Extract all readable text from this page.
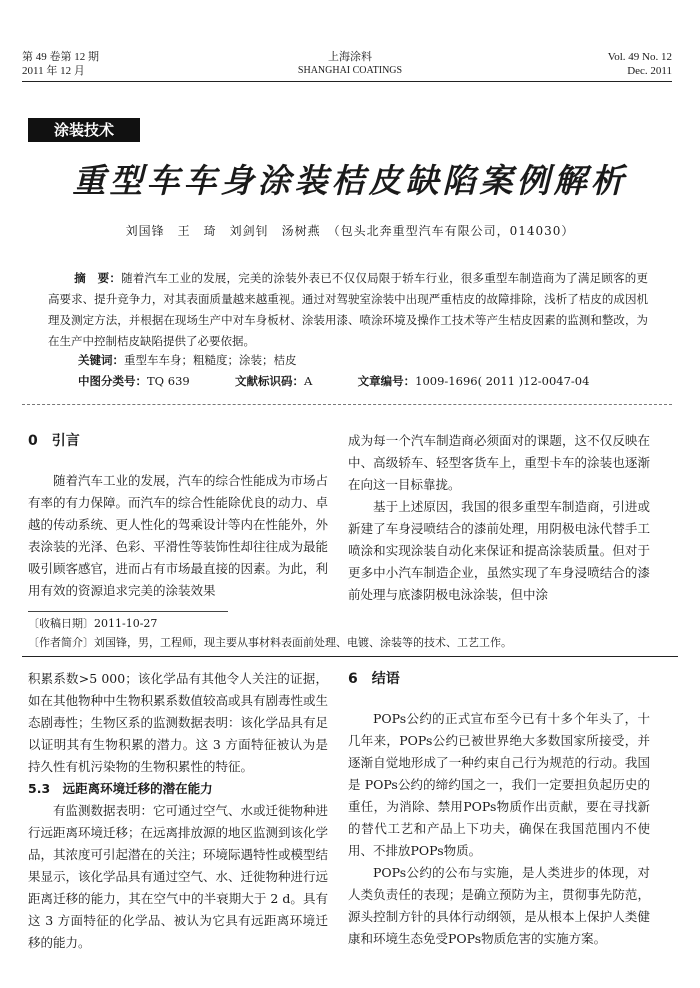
第 49 卷第 12 期
2011 年 12 月
上海涂料
SHANGHAI COATINGS
Vol. 49 No. 12
Dec. 2011
涂装技术
重型车车身涂装桔皮缺陷案例解析
刘国锋　王　琦　刘剑钊　汤树燕　（包头北奔重型汽车有限公司，014030）
摘　要：随着汽车工业的发展，完美的涂装外表已不仅仅局限于轿车行业，很多重型车制造商为了满足顾客的更高要求、提升竞争力，对其表面质量越来越重视。通过对驾驶室涂装中出现严重桔皮的故障排除，浅析了桔皮的成因机理及测定方法，并根据在现场生产中对车身板材、涂装用漆、喷涂环境及操作工技术等产生桔皮因素的监测和整改，为在生产中控制桔皮缺陷提供了必要依据。
关键词：重型车车身；粗糙度；涂装；桔皮
中图分类号：TQ 639	文献标识码：A	文章编号：1009-1696( 2011 )12-0047-04
0　引言

随着汽车工业的发展，汽车的综合性能成为市场占有率的有力保障。而汽车的综合性能除优良的动力、卓越的传动系统、更人性化的驾乘设计等内在性能外，外表涂装的光泽、色彩、平滑性等装饰性却往往成为最能吸引顾客感官，进而占有市场最直接的因素。为此，利用有效的资源追求完美的涂装效果

成为每一个汽车制造商必须面对的课题，这不仅反映在中、高级轿车、轻型客货车上，重型卡车的涂装也逐渐在向这一目标靠拢。

基于上述原因，我国的很多重型车制造商，引进或新建了车身浸喷结合的漆前处理，用阴极电泳代替手工喷涂和实现涂装自动化来保证和提高涂装质量。但对于更多中小汽车制造企业，虽然实现了车身浸喷结合的漆前处理与底漆阴极电泳涂装，但中涂

〔收稿日期〕2011-10-27
〔作者简介〕刘国锋，男，工程师，现主要从事材料表面前处理、电镀、涂装等的技术、工艺工作。

积累系数>5 000；该化学品有其他令人关注的证据，如在其他物种中生物积累系数值较高或具有剧毒性或生态剧毒性；生物区系的监测数据表明：该化学品具有足以证明其有生物积累的潜力。这 3 方面特征被认为是持久性有机污染物的生物积累性的特征。

5.3　远距离环境迁移的潜在能力

有监测数据表明：它可通过空气、水或迁徙物种进行远距离环境迁移；在远离排放源的地区监测到该化学品，其浓度可引起潜在的关注；环境际遇特性或模型结果显示，该化学品具有通过空气、水、迁徙物种进行远距离迁移的能力，其在空气中的半衰期大于 2 d。具有这 3 方面特征的化学品、被认为它具有远距离环境迁移的能力。

6　结语

POPs公约的正式宣布至今已有十多个年头了，十几年来，POPs公约已被世界绝大多数国家所接受，并逐渐自觉地形成了一种约束自己行为规范的行动。我国是 POPs公约的缔约国之一，我们一定要担负起历史的重任，为消除、禁用POPs物质作出贡献，要在寻找新的替代工艺和产品上下功夫，确保在我国范围内不使用、不排放POPs物质。

POPs公约的公布与实施，是人类进步的体现，对人类负责任的表现；是确立预防为主，贯彻事先防范，源头控制方针的具体行动纲领，是从根本上保护人类健康和环境生态免受POPs物质危害的实施方案。
